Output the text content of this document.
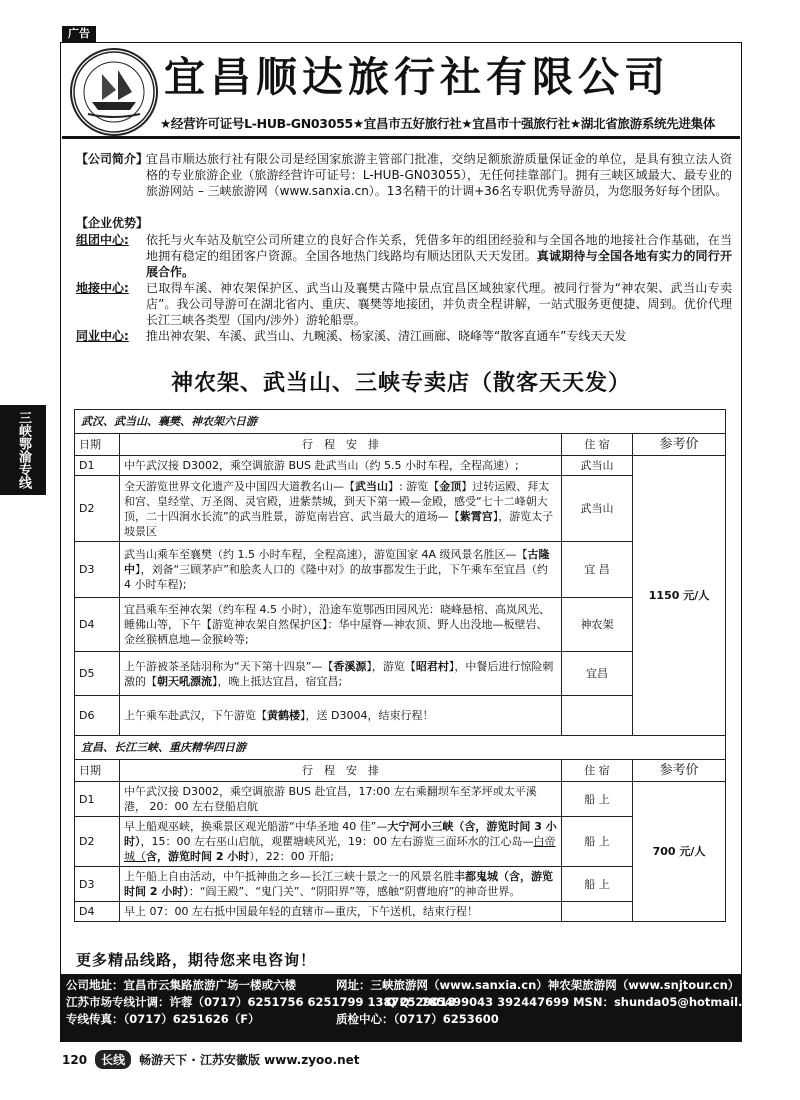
广告
宜昌顺达旅行社有限公司
★经营许可证号L-HUB-GN03055★宜昌市五好旅行社★宜昌市十强旅行社★湖北省旅游系统先进集体
【公司简介】
宜昌市顺达旅行社有限公司是经国家旅游主管部门批准，交纳足额旅游质量保证金的单位，是具有独立法人资格的专业旅游企业（旅游经营许可证号：L-HUB-GN03055），无任何挂靠部门。拥有三峡区域最大、最专业的旅游网站 – 三峡旅游网（www.sanxia.cn）。13名精干的计调+36名专职优秀导游员，为您服务好每个团队。
【企业优势】
组团中心: 依托与火车站及航空公司所建立的良好合作关系，凭借多年的组团经验和与全国各地的地接社合作基础，在当地拥有稳定的组团客户资源。全国各地热门线路均有顺达团队天天发团。真诚期待与全国各地有实力的同行开展合作。
地接中心: 已取得车溪、神农架保护区、武当山及襄樊古隆中景点宜昌区域独家代理。被同行誉为“神农架、武当山专卖店”。我公司导游可在湖北省内、重庆、襄樊等地接团，并负责全程讲解，一站式服务更便捷、周到。优价代理长江三峡各类型（国内/涉外）游轮船票。
同业中心: 推出神农架、车溪、武当山、九畹溪、杨家溪、清江画廊、晓峰等“散客直通车”专线天天发
三峡鄂渝专线
神农架、武当山、三峡专卖店（散客天天发）
武汉、武当山、襄樊、神农架六日游			
日期	行　程　安　排	住 宿	参考价
D1	中午武汉接 D3002，乘空调旅游 BUS 赴武当山（约 5.5 小时车程，全程高速）;	武当山	1150 元/人
D2	全天游览世界文化遗产及中国四大道教名山—【武当山】: 游览【金顶】过转运殿、拜太和宫、皇经堂、万圣阁、灵官殿，进紫禁城，到天下第一殿—金殿，感受“七十二峰朝大顶，二十四涧水长流”的武当胜景，游览南岩宫、武当最大的道场—【紫霄宫】，游览太子坡景区	武当山	
D3	武当山乘车至襄樊（约 1.5 小时车程，全程高速），游览国家 4A 级风景名胜区—【古隆中】，刘备“三顾茅庐”和脍炙人口的《隆中对》的故事都发生于此，下午乘车至宜昌（约 4 小时车程);	宜 昌	
D4	宜昌乘车至神农架（约车程 4.5 小时），沿途车览鄂西田园风光：晓峰悬棺、高岚风光、睡佛山等，下午【游览神农架自然保护区】：华中屋脊—神农顶、野人出没地—板壁岩、金丝猴栖息地—金猴岭等;	神农架	
D5	上午游被茶圣陆羽称为“天下第十四泉”—【香溪源】，游览【昭君村】，中餐后进行惊险刺激的【朝天吼漂流】，晚上抵达宜昌，宿宜昌;	宜昌	
D6	上午乘车赴武汉，下午游览【黄鹤楼】，送 D3004，结束行程！		
宜昌、长江三峡、重庆精华四日游			
日期	行　程　安　排	住 宿	参考价
D1	中午武汉接 D3002，乘空调旅游 BUS 赴宜昌，17:00 左右乘翻坝车至茅坪或太平溪港， 20：00 左右登船启航	船 上	700 元/人
D2	早上船观巫峡，换乘景区观光船游“中华圣地 40 佳”—大宁河小三峡（含，游览时间 3 小时），15：00 左右巫山启航，观瞿塘峡风光，19：00 左右游览三面环水的江心岛—白帝城（含，游览时间 2 小时），22：00 开船;	船 上	
D3	上午船上自由活动，中午抵神曲之乡—长江三峡十景之一的风景名胜丰都鬼城（含，游览时间 2 小时）：“阎王殿”、“鬼门关”、“阴阳界”等，感触“阴曹地府”的神奇世界。	船 上	
D4	早上 07：00 左右抵中国最年轻的直辖市—重庆，下午送机，结束行程！		
更多精品线路，期待您来电咨询！
公司地址：宜昌市云集路旅游广场一楼或六楼	网址：三峡旅游网（www.sanxia.cn）神农架旅游网（www.snjtour.cn）
江苏市场专线计调：许蓉（0717）6251756 6251799 13872529018
Q Q：785499043 392447699 MSN：shunda05@hotmail.com
专线传真：（0717）6251626（F）	质检中心：（0717）6253600
120	长线	畅游天下 · 江苏安徽版 www.zyoo.net
